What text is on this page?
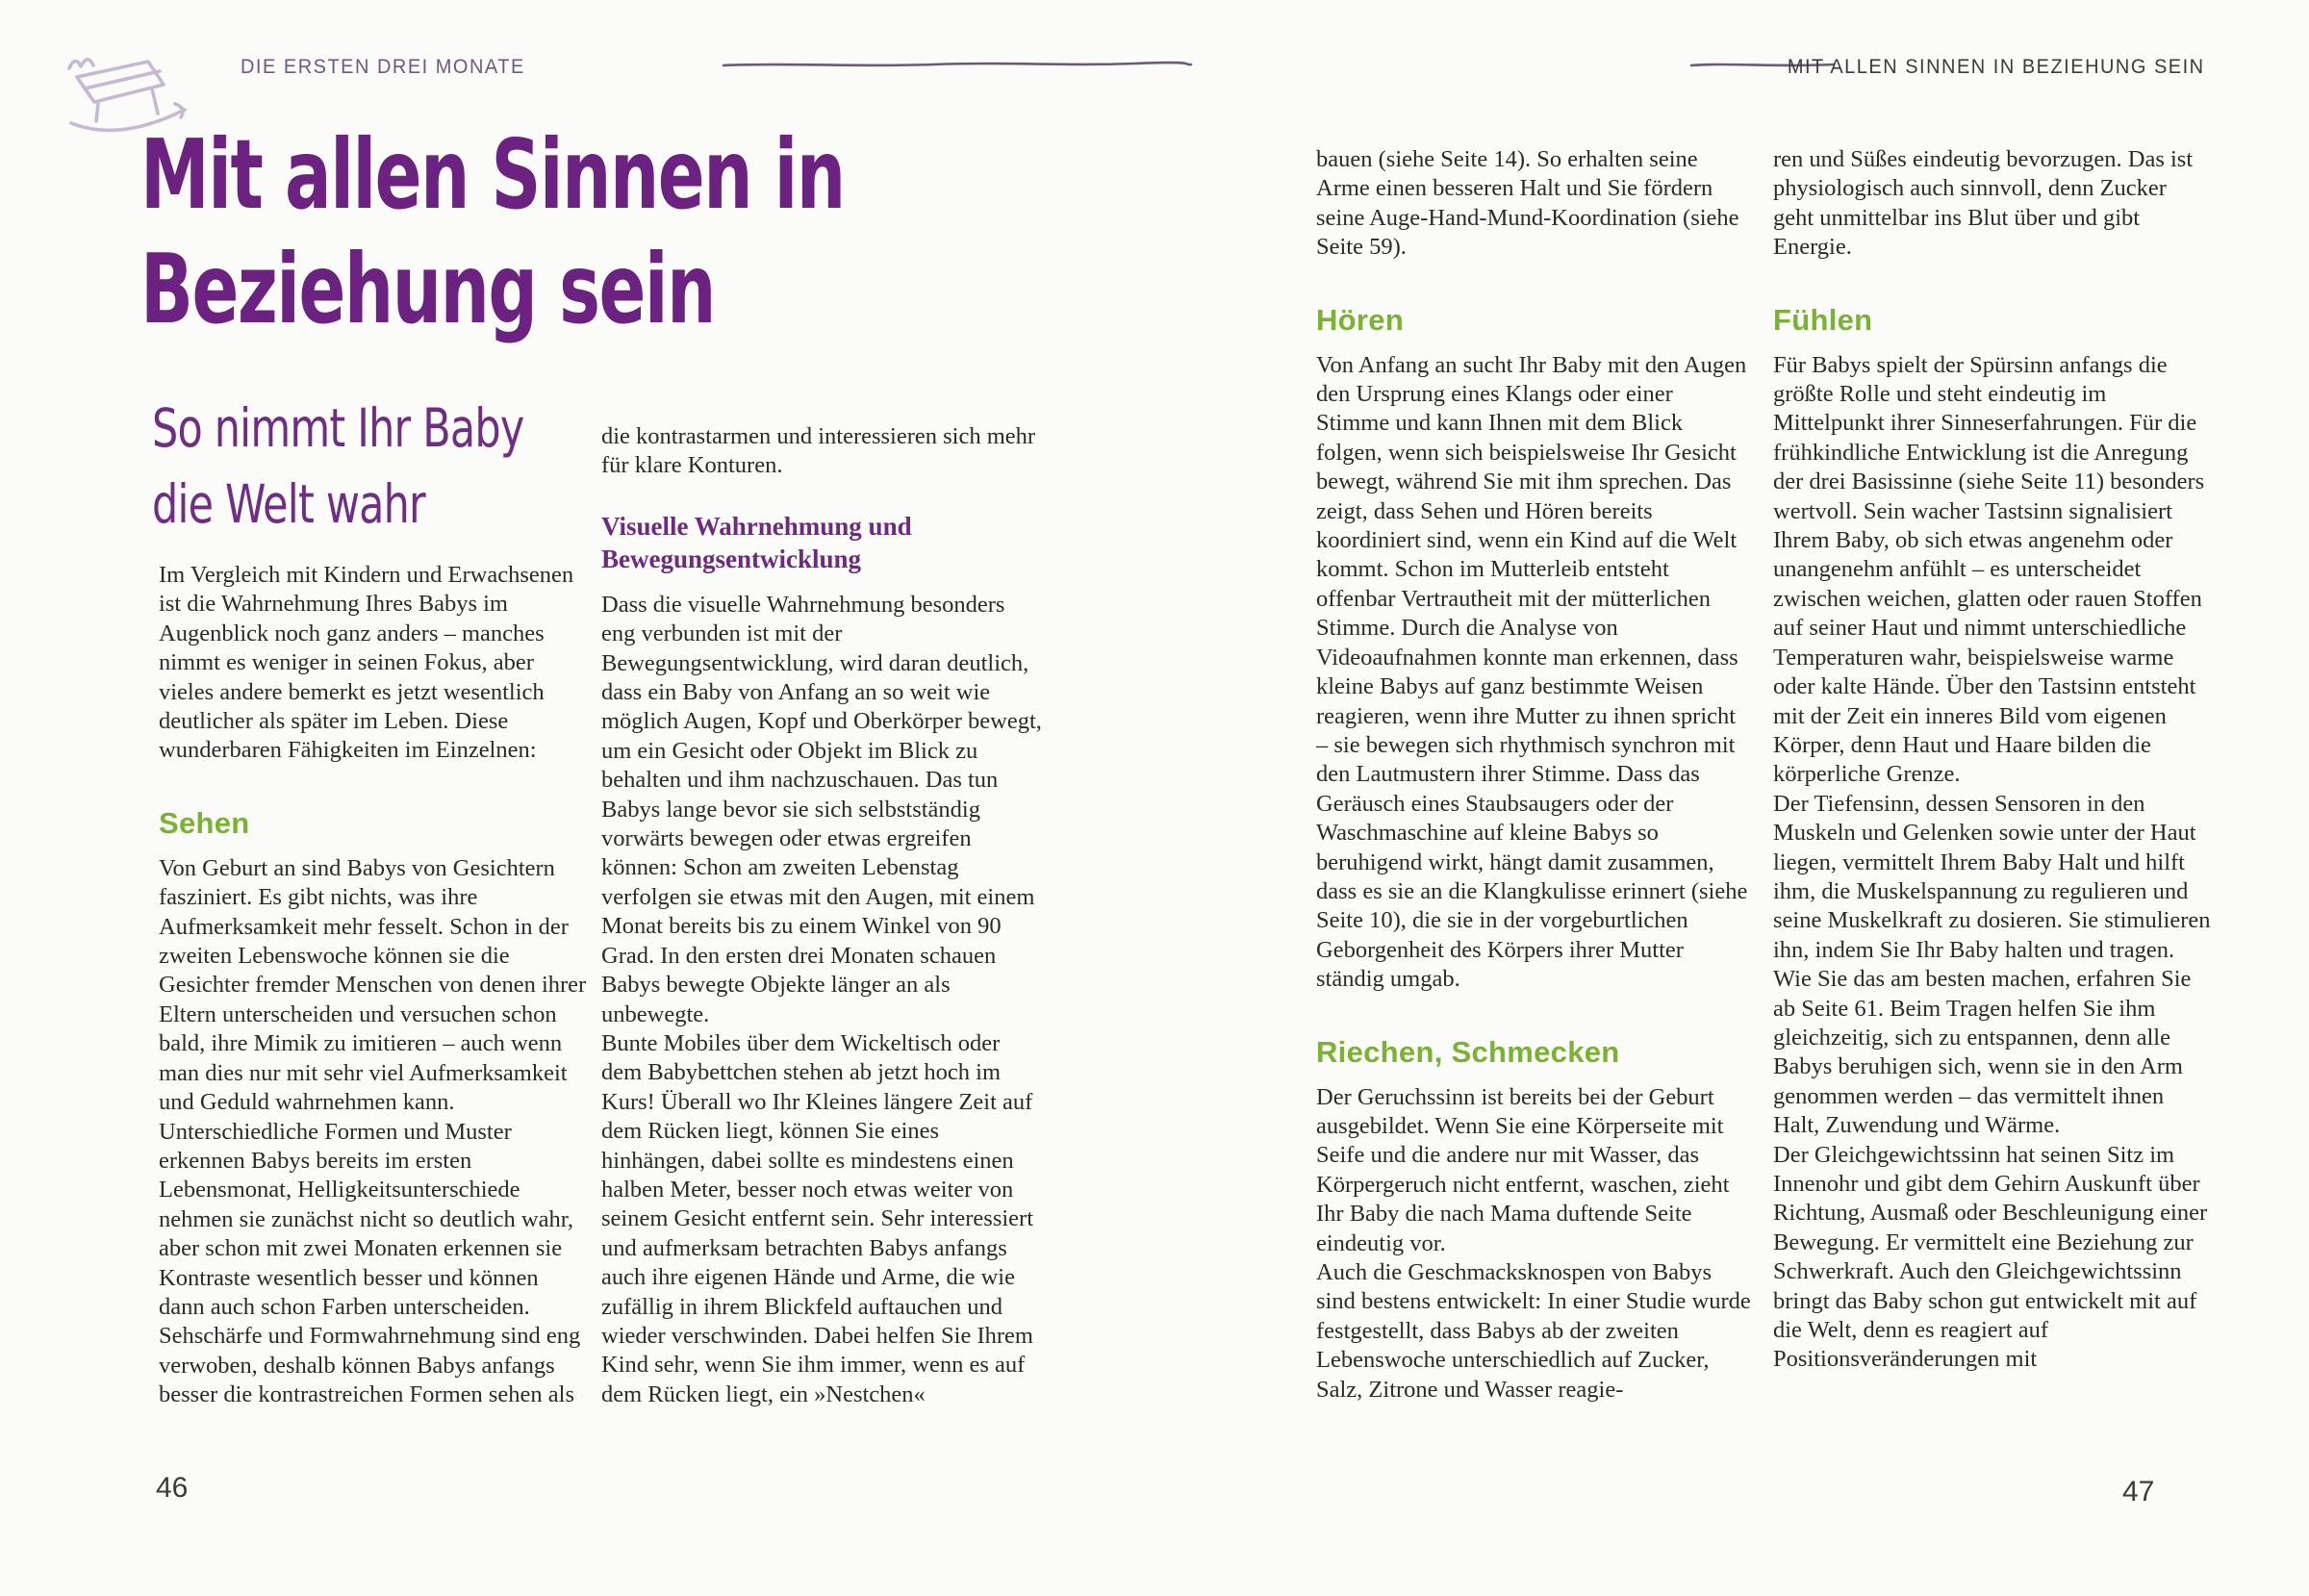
DIE ERSTEN DREI MONATE	MIT ALLEN SINNEN IN BEZIEHUNG SEIN
Mit allen Sinnen in
Beziehung sein
So nimmt Ihr Baby
die Welt wahr

Im Vergleich mit Kindern und Erwachsenen ist die Wahrnehmung Ihres Babys im Augenblick noch ganz anders – manches nimmt es weniger in seinen Fokus, aber vieles andere bemerkt es jetzt wesentlich deutlicher als später im Leben. Diese wunderbaren Fähigkeiten im Einzelnen:

Sehen

Von Geburt an sind Babys von Gesichtern fasziniert. Es gibt nichts, was ihre Aufmerksamkeit mehr fesselt. Schon in der zweiten Lebenswoche können sie die Gesichter fremder Menschen von denen ihrer Eltern unterscheiden und versuchen schon bald, ihre Mimik zu imitieren – auch wenn man dies nur mit sehr viel Aufmerksamkeit und Geduld wahrnehmen kann. Unterschiedliche Formen und Muster erkennen Babys bereits im ersten Lebensmonat, Helligkeitsunterschiede nehmen sie zunächst nicht so deutlich wahr, aber schon mit zwei Monaten erkennen sie Kontraste wesentlich besser und können dann auch schon Farben unterscheiden. Sehschärfe und Formwahrnehmung sind eng verwoben, deshalb können Babys anfangs besser die kontrastreichen Formen sehen als

die kontrastarmen und interessieren sich mehr für klare Konturen.

Visuelle Wahrnehmung und Bewegungsentwicklung

Dass die visuelle Wahrnehmung besonders eng verbunden ist mit der Bewegungsentwicklung, wird daran deutlich, dass ein Baby von Anfang an so weit wie möglich Augen, Kopf und Oberkörper bewegt, um ein Gesicht oder Objekt im Blick zu behalten und ihm nachzuschauen. Das tun Babys lange bevor sie sich selbstständig vorwärts bewegen oder etwas ergreifen können: Schon am zweiten Lebenstag verfolgen sie etwas mit den Augen, mit einem Monat bereits bis zu einem Winkel von 90 Grad. In den ersten drei Monaten schauen Babys bewegte Objekte länger an als unbewegte.

Bunte Mobiles über dem Wickeltisch oder dem Babybettchen stehen ab jetzt hoch im Kurs! Überall wo Ihr Kleines längere Zeit auf dem Rücken liegt, können Sie eines hinhängen, dabei sollte es mindestens einen halben Meter, besser noch etwas weiter von seinem Gesicht entfernt sein. Sehr interessiert und aufmerksam betrachten Babys anfangs auch ihre eigenen Hände und Arme, die wie zufällig in ihrem Blickfeld auftauchen und wieder verschwinden. Dabei helfen Sie Ihrem Kind sehr, wenn Sie ihm immer, wenn es auf dem Rücken liegt, ein »Nestchen«

bauen (siehe Seite 14). So erhalten seine Arme einen besseren Halt und Sie fördern seine Auge-Hand-Mund-Koordination (siehe Seite 59).

Hören

Von Anfang an sucht Ihr Baby mit den Augen den Ursprung eines Klangs oder einer Stimme und kann Ihnen mit dem Blick folgen, wenn sich beispielsweise Ihr Gesicht bewegt, während Sie mit ihm sprechen. Das zeigt, dass Sehen und Hören bereits koordiniert sind, wenn ein Kind auf die Welt kommt. Schon im Mutterleib entsteht offenbar Vertrautheit mit der mütterlichen Stimme. Durch die Analyse von Videoaufnahmen konnte man erkennen, dass kleine Babys auf ganz bestimmte Weisen reagieren, wenn ihre Mutter zu ihnen spricht – sie bewegen sich rhythmisch synchron mit den Lautmustern ihrer Stimme. Dass das Geräusch eines Staubsaugers oder der Waschmaschine auf kleine Babys so beruhigend wirkt, hängt damit zusammen, dass es sie an die Klangkulisse erinnert (siehe Seite 10), die sie in der vorgeburtlichen Geborgenheit des Körpers ihrer Mutter ständig umgab.

Riechen, Schmecken

Der Geruchssinn ist bereits bei der Geburt ausgebildet. Wenn Sie eine Körperseite mit Seife und die andere nur mit Wasser, das Körpergeruch nicht entfernt, waschen, zieht Ihr Baby die nach Mama duftende Seite eindeutig vor.

Auch die Geschmacksknospen von Babys sind bestens entwickelt: In einer Studie wurde festgestellt, dass Babys ab der zweiten Lebenswoche unterschiedlich auf Zucker, Salz, Zitrone und Wasser reagie-

ren und Süßes eindeutig bevorzugen. Das ist physiologisch auch sinnvoll, denn Zucker geht unmittelbar ins Blut über und gibt Energie.

Fühlen

Für Babys spielt der Spürsinn anfangs die größte Rolle und steht eindeutig im Mittelpunkt ihrer Sinneserfahrungen. Für die frühkindliche Entwicklung ist die Anregung der drei Basissinne (siehe Seite 11) besonders wertvoll. Sein wacher Tastsinn signalisiert Ihrem Baby, ob sich etwas angenehm oder unangenehm anfühlt – es unterscheidet zwischen weichen, glatten oder rauen Stoffen auf seiner Haut und nimmt unterschiedliche Temperaturen wahr, beispielsweise warme oder kalte Hände. Über den Tastsinn entsteht mit der Zeit ein inneres Bild vom eigenen Körper, denn Haut und Haare bilden die körperliche Grenze.

Der Tiefensinn, dessen Sensoren in den Muskeln und Gelenken sowie unter der Haut liegen, vermittelt Ihrem Baby Halt und hilft ihm, die Muskelspannung zu regulieren und seine Muskelkraft zu dosieren. Sie stimulieren ihn, indem Sie Ihr Baby halten und tragen. Wie Sie das am besten machen, erfahren Sie ab Seite 61. Beim Tragen helfen Sie ihm gleichzeitig, sich zu entspannen, denn alle Babys beruhigen sich, wenn sie in den Arm genommen werden – das vermittelt ihnen Halt, Zuwendung und Wärme.

Der Gleichgewichtssinn hat seinen Sitz im Innenohr und gibt dem Gehirn Auskunft über Richtung, Ausmaß oder Beschleunigung einer Bewegung. Er vermittelt eine Beziehung zur Schwerkraft. Auch den Gleichgewichtssinn bringt das Baby schon gut entwickelt mit auf die Welt, denn es reagiert auf Positionsveränderungen mit

46	47
